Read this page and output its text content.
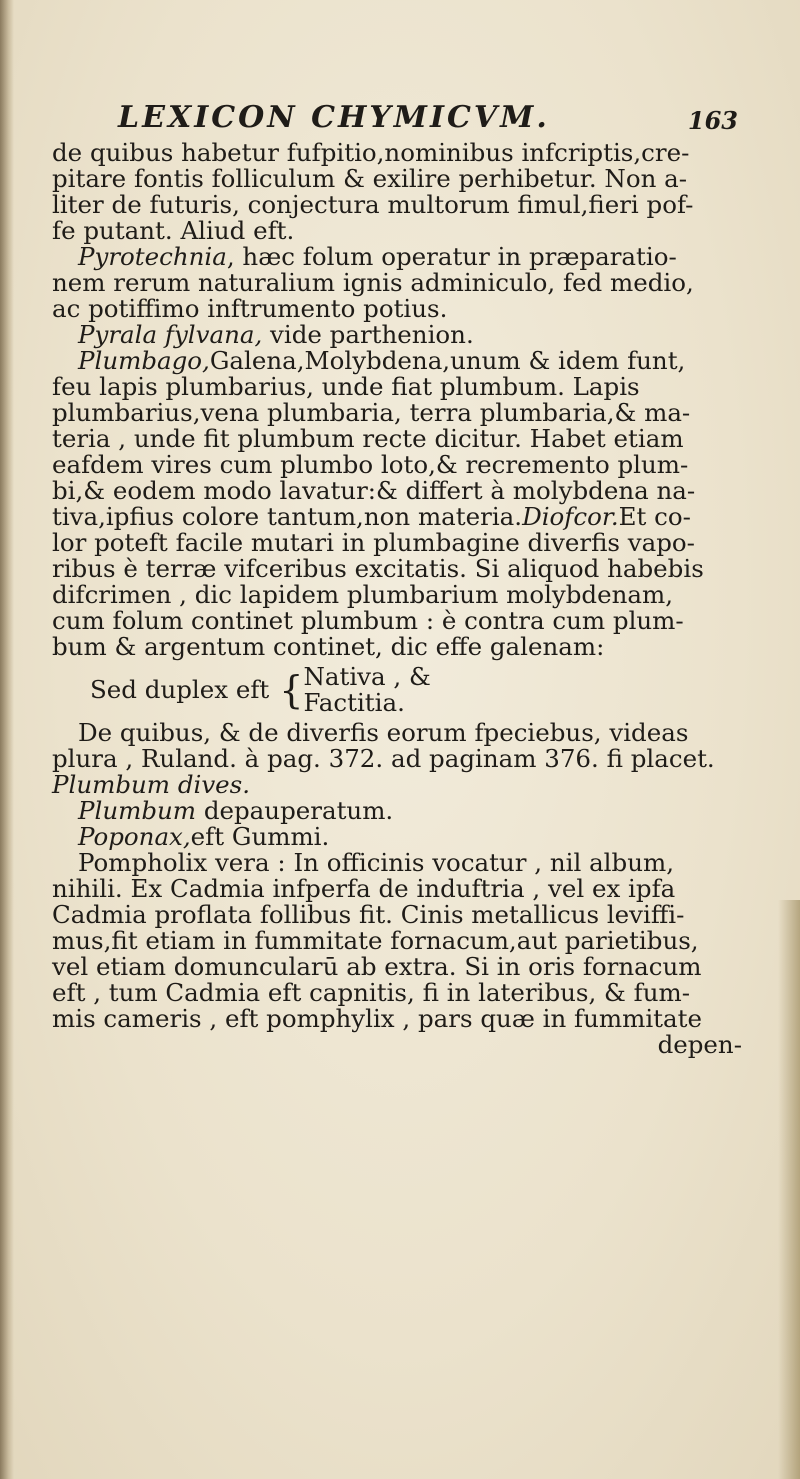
LEXICON CHYMICVM.	163
de quibus habetur fufpitio,nominibus infcriptis,cre-
pitare fontis folliculum & exilire perhibetur. Non a-
liter de futuris, conjectura multorum fimul,fieri pof-
fe putant. Aliud eft.
Pyrotechnia, hæc folum operatur in præparatio-
nem rerum naturalium ignis adminiculo, fed medio,
ac potiffimo inftrumento potius.
Pyrala fylvana, vide parthenion.
Plumbago,Galena,Molybdena,unum & idem funt,
feu lapis plumbarius, unde fiat plumbum. Lapis
plumbarius,vena plumbaria, terra plumbaria,& ma-
teria , unde fit plumbum recte dicitur. Habet etiam
eafdem vires cum plumbo loto,& recremento plum-
bi,& eodem modo lavatur:& differt à molybdena na-
tiva,ipfius colore tantum,non materia.Diofcor.Et co-
lor poteft facile mutari in plumbagine diverfis vapo-
ribus è terræ vifceribus excitatis. Si aliquod habebis
difcrimen , dic lapidem plumbarium molybdenam,
cum folum continet plumbum : è contra cum plum-
bum & argentum continet, dic effe galenam:
Sed duplex eft { Nativa , &
Factitia.
De quibus, & de diverfis eorum fpeciebus, videas
plura , Ruland. à pag. 372. ad paginam 376. fi placet.
Plumbum dives.
Plumbum depauperatum.
Poponax,eft Gummi.
Pompholix vera : In officinis vocatur , nil album,
nihili. Ex Cadmia infperfa de induftria , vel ex ipfa
Cadmia proflata follibus fit. Cinis metallicus leviffi-
mus,fit etiam in fummitate fornacum,aut parietibus,
vel etiam domuncularū ab extra. Si in oris fornacum
eft , tum Cadmia eft capnitis, fi in lateribus, & fum-
mis cameris , eft pomphylix , pars quæ in fummitate
depen-
